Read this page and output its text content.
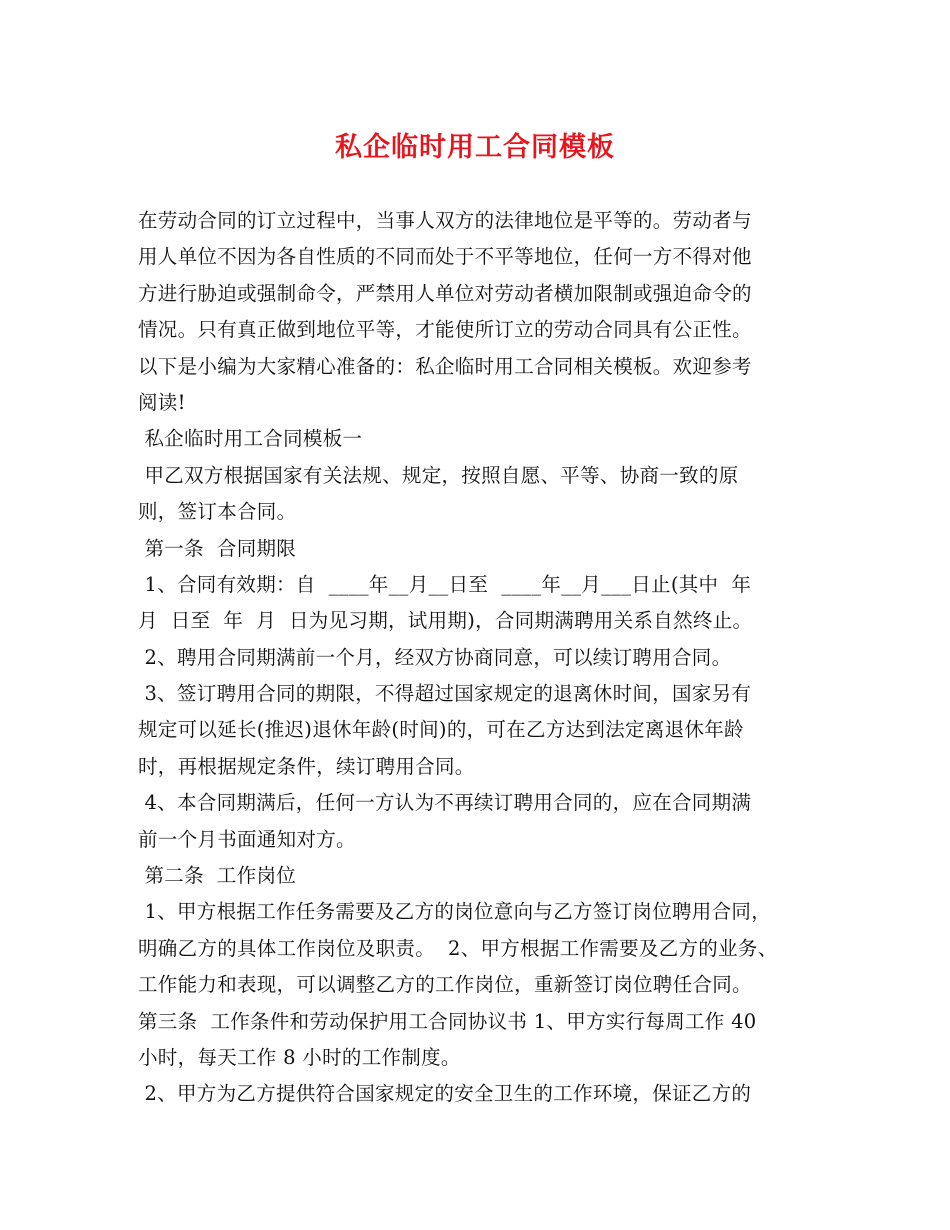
私企临时用工合同模板
在劳动合同的订立过程中，当事人双方的法律地位是平等的。劳动者与
用人单位不因为各自性质的不同而处于不平等地位，任何一方不得对他
方进行胁迫或强制命令，严禁用人单位对劳动者横加限制或强迫命令的
情况。只有真正做到地位平等，才能使所订立的劳动合同具有公正性。
以下是小编为大家精心准备的：私企临时用工合同相关模板。欢迎参考
阅读!
私企临时用工合同模板一
甲乙双方根据国家有关法规、规定，按照自愿、平等、协商一致的原
则，签订本合同。
第一条  合同期限
1、合同有效期：自  ____年__月__日至  ____年__月___日止(其中  年
月  日至  年  月  日为见习期，试用期)，合同期满聘用关系自然终止。
2、聘用合同期满前一个月，经双方协商同意，可以续订聘用合同。
3、签订聘用合同的期限，不得超过国家规定的退离休时间，国家另有
规定可以延长(推迟)退休年龄(时间)的，可在乙方达到法定离退休年龄
时，再根据规定条件，续订聘用合同。
4、本合同期满后，任何一方认为不再续订聘用合同的，应在合同期满
前一个月书面通知对方。
第二条  工作岗位
1、甲方根据工作任务需要及乙方的岗位意向与乙方签订岗位聘用合同，
明确乙方的具体工作岗位及职责。  2、甲方根据工作需要及乙方的业务、
工作能力和表现，可以调整乙方的工作岗位，重新签订岗位聘任合同。
第三条  工作条件和劳动保护用工合同协议书 1、甲方实行每周工作 40
小时，每天工作 8 小时的工作制度。
2、甲方为乙方提供符合国家规定的安全卫生的工作环境，保证乙方的
